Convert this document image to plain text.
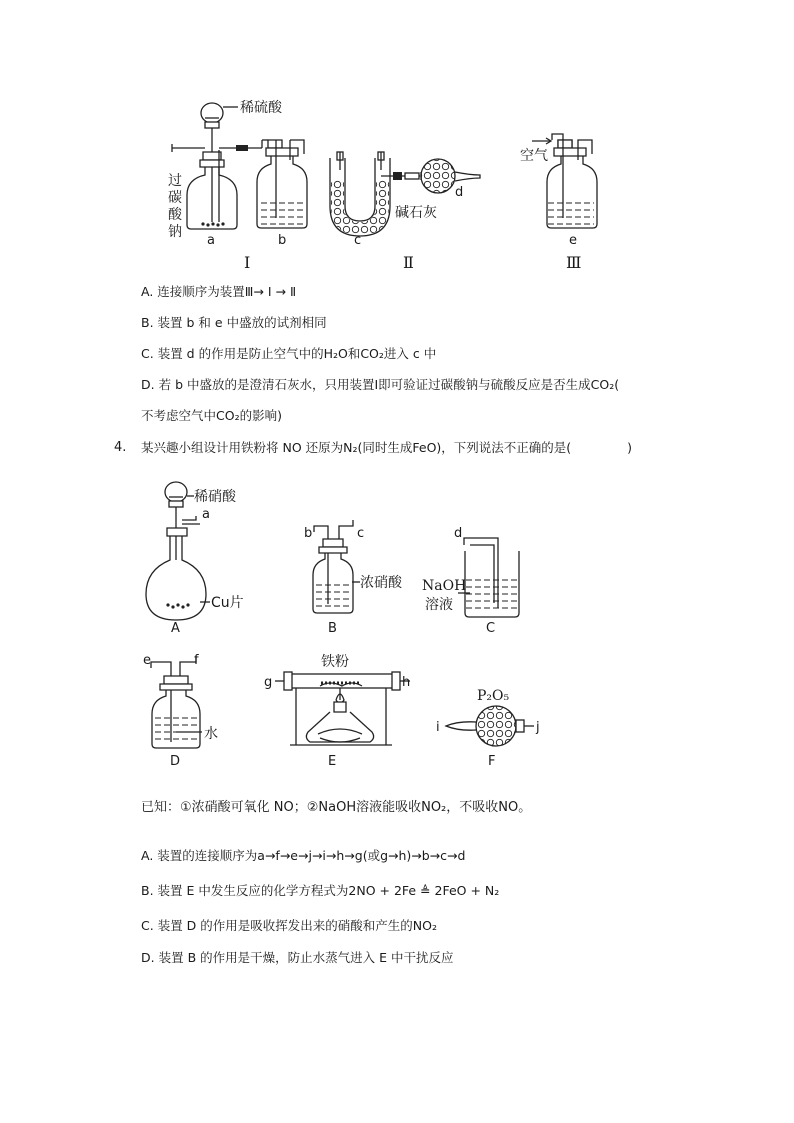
稀硫酸
过
碳
酸
钠
a	b
Ⅰ
c
d
碱石灰
Ⅱ
空气
e
Ⅲ
A. 连接顺序为装置Ⅲ→ Ⅰ → Ⅱ
B. 装置 b 和 e 中盛放的试剂相同
C. 装置 d 的作用是防止空气中的H₂O和CO₂进入 c 中
D. 若 b 中盛放的是澄清石灰水，只用装置Ⅰ即可验证过碳酸钠与硫酸反应是否生成CO₂(
不考虑空气中CO₂的影响)
4. 某兴趣小组设计用铁粉将 NO 还原为N₂(同时生成FeO)，下列说法不正确的是(	)
稀硝酸
a
Cu片
A
b	c
浓硝酸
B
d
NaOH
溶液
C
e	f
水
D
铁粉
g	h
E
P₂O₅
i	j
F
已知：①浓硝酸可氧化 NO；②NaOH溶液能吸收NO₂，不吸收NO。
A. 装置的连接顺序为a→f→e→j→i→h→g(或g→h)→b→c→d
B. 装置 E 中发生反应的化学方程式为2NO + 2Fe ≜ 2FeO + N₂
C. 装置 D 的作用是吸收挥发出来的硝酸和产生的NO₂
D. 装置 B 的作用是干燥，防止水蒸气进入 E 中干扰反应
